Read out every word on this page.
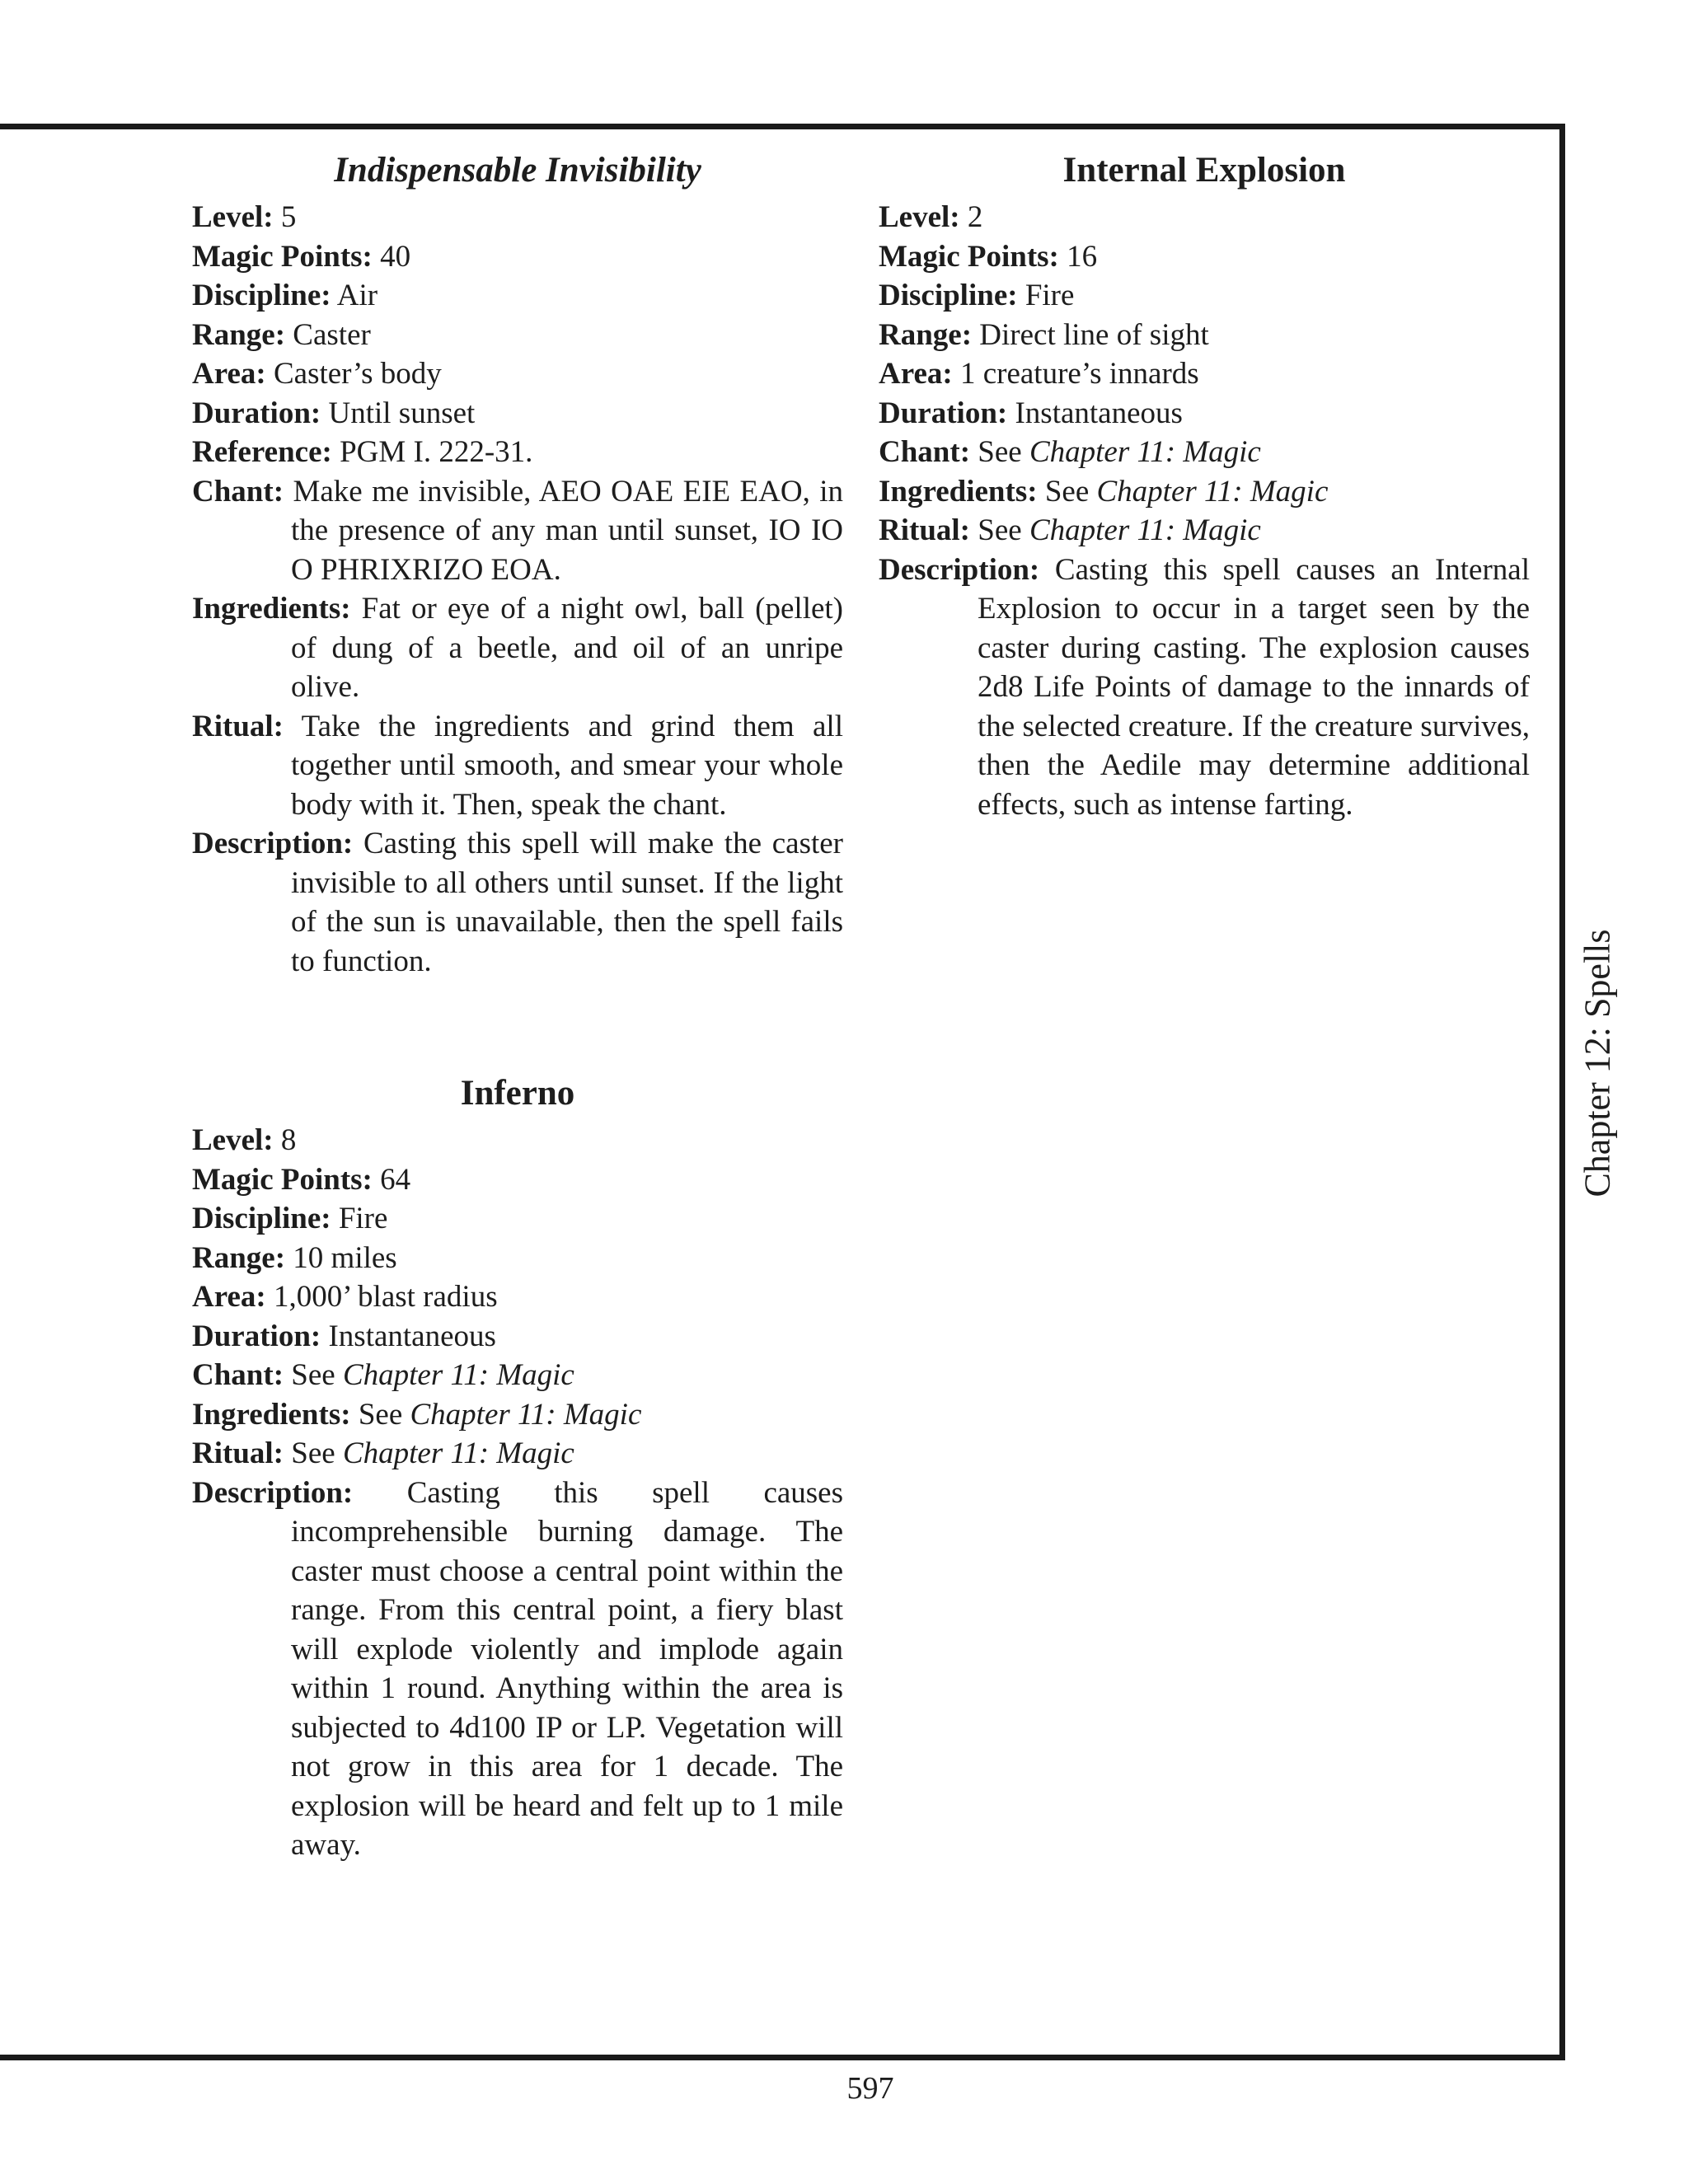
Indispensable Invisibility

Level: 5

Magic Points: 40

Discipline: Air

Range: Caster

Area: Caster’s body

Duration: Until sunset

Reference: PGM I. 222-31.

Chant: Make me invisible, AEO OAE EIE EAO, in the presence of any man until sunset, IO IO O PHRIXRIZO EOA.

Ingredients: Fat or eye of a night owl, ball (pellet) of dung of a beetle, and oil of an unripe olive.

Ritual: Take the ingredients and grind them all together until smooth, and smear your whole body with it. Then, speak the chant.

Description: Casting this spell will make the caster invisible to all others until sunset. If the light of the sun is unavailable, then the spell fails to function.

Inferno

Level: 8

Magic Points: 64

Discipline: Fire

Range: 10 miles

Area: 1,000’ blast radius

Duration: Instantaneous

Chant: See Chapter 11: Magic

Ingredients: See Chapter 11: Magic

Ritual: See Chapter 11: Magic

Description: Casting this spell causes incomprehensible burning damage. The caster must choose a central point within the range. From this central point, a fiery blast will explode violently and implode again within 1 round. Anything within the area is subjected to 4d100 IP or LP. Vegetation will not grow in this area for 1 decade. The explosion will be heard and felt up to 1 mile away.

Internal Explosion

Level: 2

Magic Points: 16

Discipline: Fire

Range: Direct line of sight

Area: 1 creature’s innards

Duration: Instantaneous

Chant: See Chapter 11: Magic

Ingredients: See Chapter 11: Magic

Ritual: See Chapter 11: Magic

Description: Casting this spell causes an Internal Explosion to occur in a target seen by the caster during casting. The explosion causes 2d8 Life Points of damage to the innards of the selected creature. If the creature survives, then the Aedile may determine additional effects, such as intense farting.

Chapter 12: Spells
597
